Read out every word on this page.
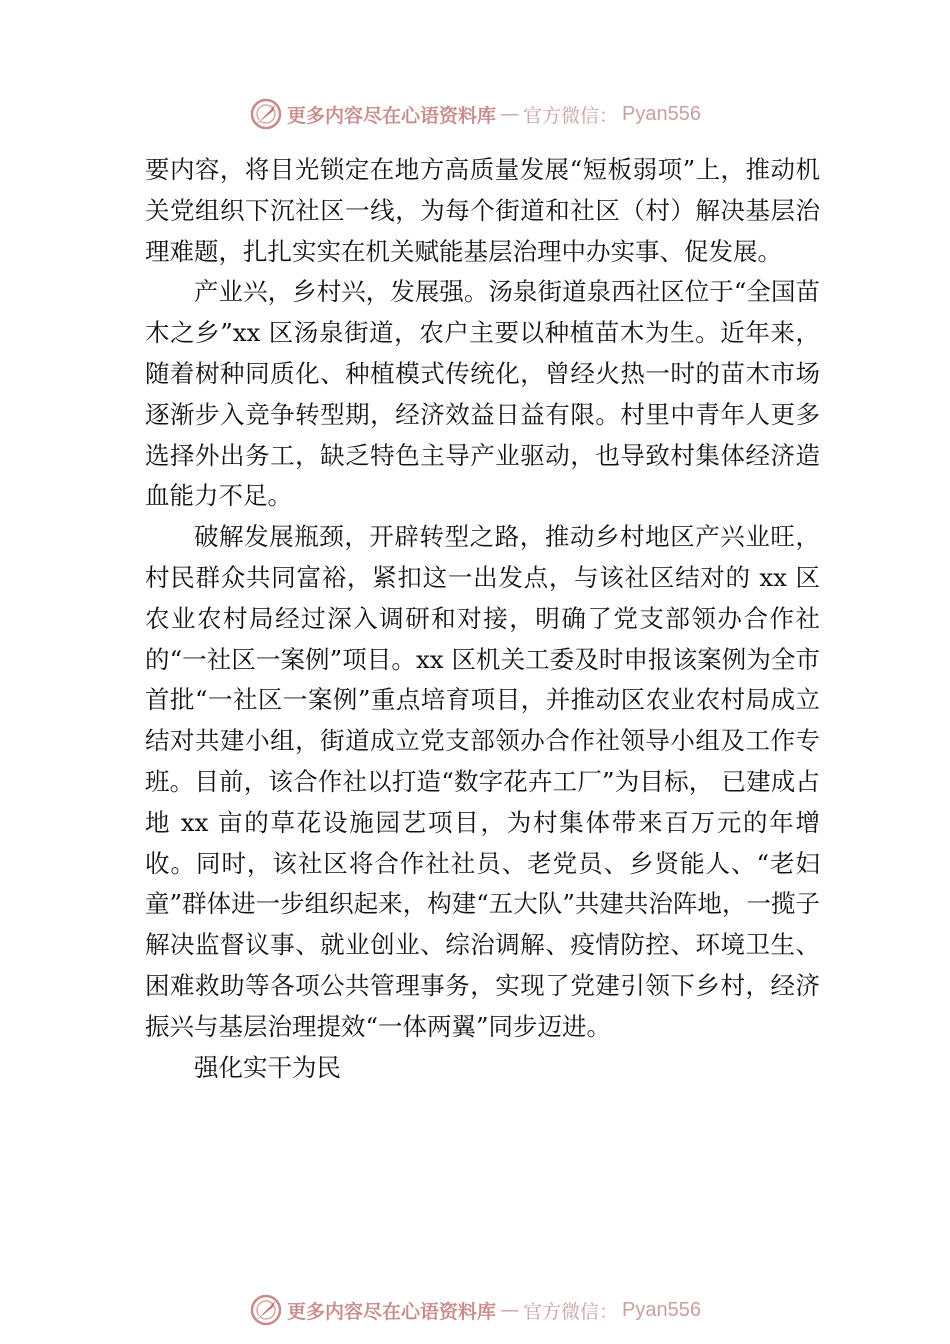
更多内容尽在心语资料库 — 官方微信： Pyan556

要内容，将目光锁定在地方高质量发展“短板弱项”上，推动机关党组织下沉社区一线，为每个街道和社区（村）解决基层治理难题，扎扎实实在机关赋能基层治理中办实事、促发展。

产业兴，乡村兴，发展强。汤泉街道泉西社区位于“全国苗木之乡”xx 区汤泉街道，农户主要以种植苗木为生。近年来，随着树种同质化、种植模式传统化，曾经火热一时的苗木市场逐渐步入竞争转型期，经济效益日益有限。村里中青年人更多选择外出务工，缺乏特色主导产业驱动，也导致村集体经济造血能力不足。

破解发展瓶颈，开辟转型之路，推动乡村地区产兴业旺，村民群众共同富裕，紧扣这一出发点，与该社区结对的 xx 区农业农村局经过深入调研和对接，明确了党支部领办合作社的“一社区一案例”项目。xx 区机关工委及时申报该案例为全市首批“一社区一案例”重点培育项目，并推动区农业农村局成立结对共建小组，街道成立党支部领办合作社领导小组及工作专班。目前，该合作社以打造“数字花卉工厂”为目标， 已建成占地 xx 亩的草花设施园艺项目，为村集体带来百万元的年增收。同时，该社区将合作社社员、老党员、乡贤能人、“老妇童”群体进一步组织起来，构建“五大队”共建共治阵地，一揽子解决监督议事、就业创业、综治调解、疫情防控、环境卫生、困难救助等各项公共管理事务，实现了党建引领下乡村，经济振兴与基层治理提效“一体两翼”同步迈进。

强化实干为民

更多内容尽在心语资料库 — 官方微信： Pyan556
